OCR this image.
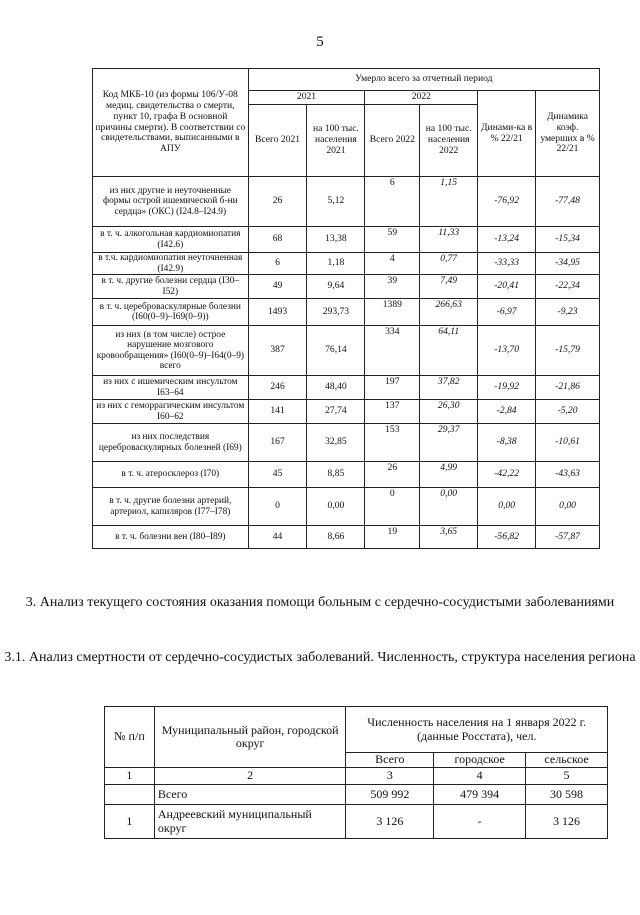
5
Код МКБ-10 (из формы 106/У-08 медиц. свидетельства о смерти, пункт 10, графа В основной причины смерти). В соответствии со свидетельствами, выписанными в АПУ	Умерло всего за отчетный период					
	2021		2022		Динами-ка в % 22/21	Динамика коэф. умерших в % 22/21
	Всего 2021	на 100 тыс. населения 2021	Всего 2022	на 100 тыс. населения 2022		
из них другие и неуточненные формы острой ишемической б-ни сердца» (ОКС) (I24.8–I24.9)	26	5,12	6	1,15	-76,92	-77,48
в т. ч. алкогольная кардиомиопатия (I42.6)	68	13,38	59	11,33	-13,24	-15,34
в т.ч. кардиомиопатия неуточненная (I42.9)	6	1,18	4	0,77	-33,33	-34,95
в т. ч. другие болезни сердца (I30–I52)	49	9,64	39	7,49	-20,41	-22,34
в т. ч. цереброваскулярные болезни (I60(0–9)–I69(0–9))	1493	293,73	1389	266,63	-6,97	-9,23
из них (в том числе) острое нарушение мозгового кровообращения» (I60(0–9)–I64(0–9) всего	387	76,14	334	64,11	-13,70	-15,79
из них с ишемическим инсультом I63–64	246	48,40	197	37,82	-19,92	-21,86
из них с геморрагическим инсультом I60–62	141	27,74	137	26,30	-2,84	-5,20
из них последствия цереброваскулярных болезней (I69)	167	32,85	153	29,37	-8,38	-10,61
в т. ч. атеросклероз (I70)	45	8,85	26	4,99	-42,22	-43,63
в т. ч. другие болезни артерий, артериол, капиляров (I77–I78)	0	0,00	0	0,00	0,00	0,00
в т. ч. болезни вен (I80–I89)	44	8,66	19	3,65	-56,82	-57,87
3. Анализ текущего состояния оказания помощи больным с сердечно-сосудистыми заболеваниями
3.1. Анализ смертности от сердечно-сосудистых заболеваний. Численность, структура населения региона
№ п/п	Муниципальный район, городской округ	Численность населения на 1 января 2022 г. (данные Росстата), чел.		
		Всего	городское	сельское
1	2	3	4	5
	Всего	509 992	479 394	30 598
1	Андреевский муниципальный округ	3 126	-	3 126
